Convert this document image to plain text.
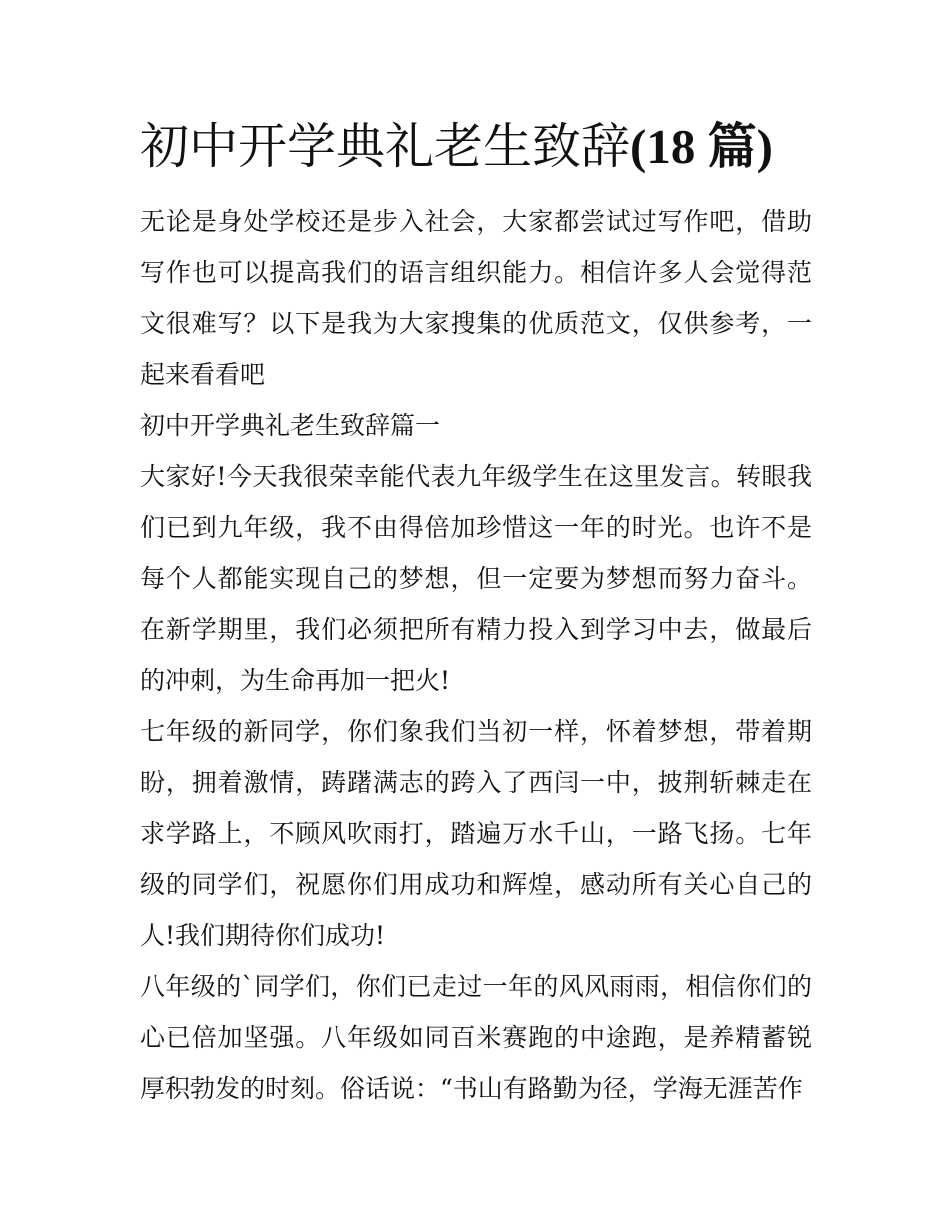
初中开学典礼老生致辞(18 篇)

无论是身处学校还是步入社会，大家都尝试过写作吧，借助写作也可以提高我们的语言组织能力。相信许多人会觉得范文很难写？以下是我为大家搜集的优质范文，仅供参考，一起来看看吧

初中开学典礼老生致辞篇一

大家好!今天我很荣幸能代表九年级学生在这里发言。转眼我们已到九年级，我不由得倍加珍惜这一年的时光。也许不是每个人都能实现自己的梦想，但一定要为梦想而努力奋斗。在新学期里，我们必须把所有精力投入到学习中去，做最后的冲刺，为生命再加一把火!

七年级的新同学，你们象我们当初一样，怀着梦想，带着期盼，拥着激情，踌躇满志的跨入了西闫一中，披荆斩棘走在求学路上，不顾风吹雨打，踏遍万水千山，一路飞扬。七年级的同学们，祝愿你们用成功和辉煌，感动所有关心自己的人!我们期待你们成功!

八年级的`同学们，你们已走过一年的风风雨雨，相信你们的心已倍加坚强。八年级如同百米赛跑的中途跑，是养精蓄锐厚积勃发的时刻。俗话说：“书山有路勤为径，学海无涯苦作
